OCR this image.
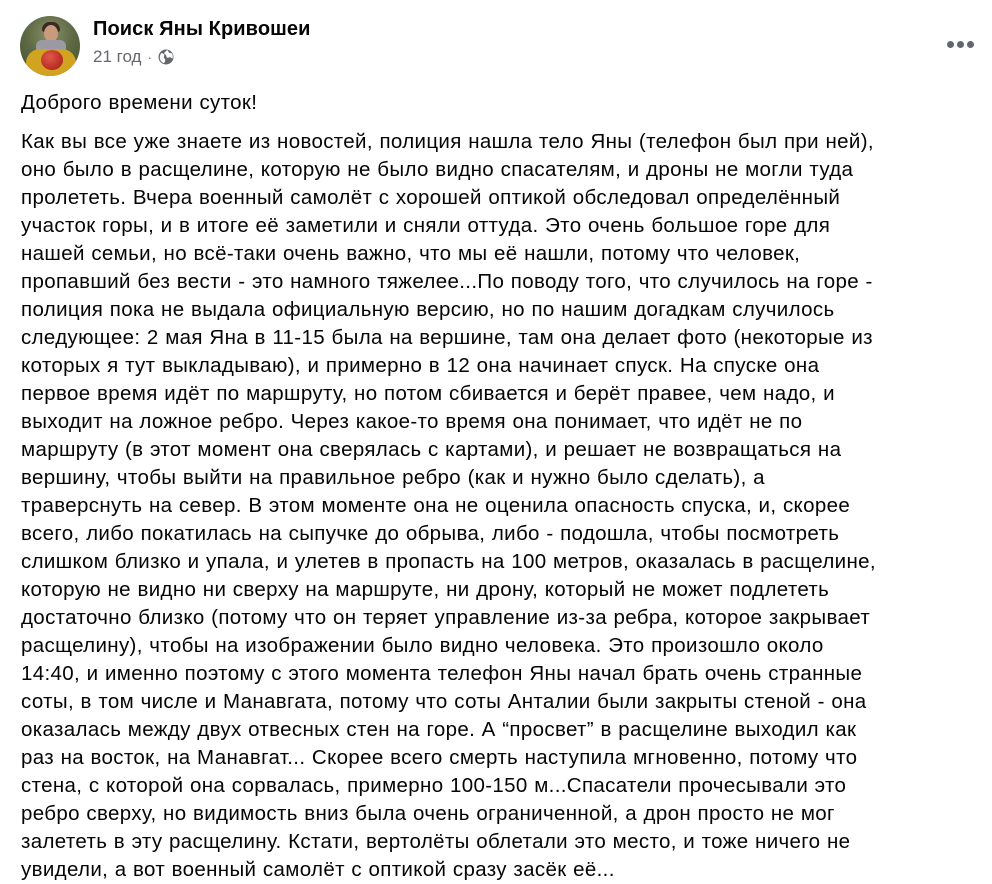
Поиск Яны Кривошеи
21 год ·
Доброго времени суток!
Как вы все уже знаете из новостей, полиция нашла тело Яны (телефон был при ней),
оно было в расщелине, которую не было видно спасателям, и дроны не могли туда
пролететь. Вчера военный самолёт с хорошей оптикой обследовал определённый
участок горы, и в итоге её заметили и сняли оттуда. Это очень большое горе для
нашей семьи, но всё-таки очень важно, что мы её нашли, потому что человек,
пропавший без вести - это намного тяжелее...По поводу того, что случилось на горе -
полиция пока не выдала официальную версию, но по нашим догадкам случилось
следующее: 2 мая Яна в 11-15 была на вершине, там она делает фото (некоторые из
которых я тут выкладываю), и примерно в 12 она начинает спуск. На спуске она
первое время идёт по маршруту, но потом сбивается и берёт правее, чем надо, и
выходит на ложное ребро. Через какое-то время она понимает, что идёт не по
маршруту (в этот момент она сверялась с картами), и решает не возвращаться на
вершину, чтобы выйти на правильное ребро (как и нужно было сделать), а
траверснуть на север. В этом моменте она не оценила опасность спуска, и, скорее
всего, либо покатилась на сыпучке до обрыва, либо - подошла, чтобы посмотреть
слишком близко и упала, и улетев в пропасть на 100 метров, оказалась в расщелине,
которую не видно ни сверху на маршруте, ни дрону, который не может подлететь
достаточно близко (потому что он теряет управление из-за ребра, которое закрывает
расщелину), чтобы на изображении было видно человека. Это произошло около
14:40, и именно поэтому с этого момента телефон Яны начал брать очень странные
соты, в том числе и Манавгата, потому что соты Анталии были закрыты стеной - она
оказалась между двух отвесных стен на горе. А “просвет” в расщелине выходил как
раз на восток, на Манавгат... Скорее всего смерть наступила мгновенно, потому что
стена, с которой она сорвалась, примерно 100-150 м...Спасатели прочесывали это
ребро сверху, но видимость вниз была очень ограниченной, а дрон просто не мог
залететь в эту расщелину. Кстати, вертолёты облетали это место, и тоже ничего не
увидели, а вот военный самолёт с оптикой сразу засёк её...
